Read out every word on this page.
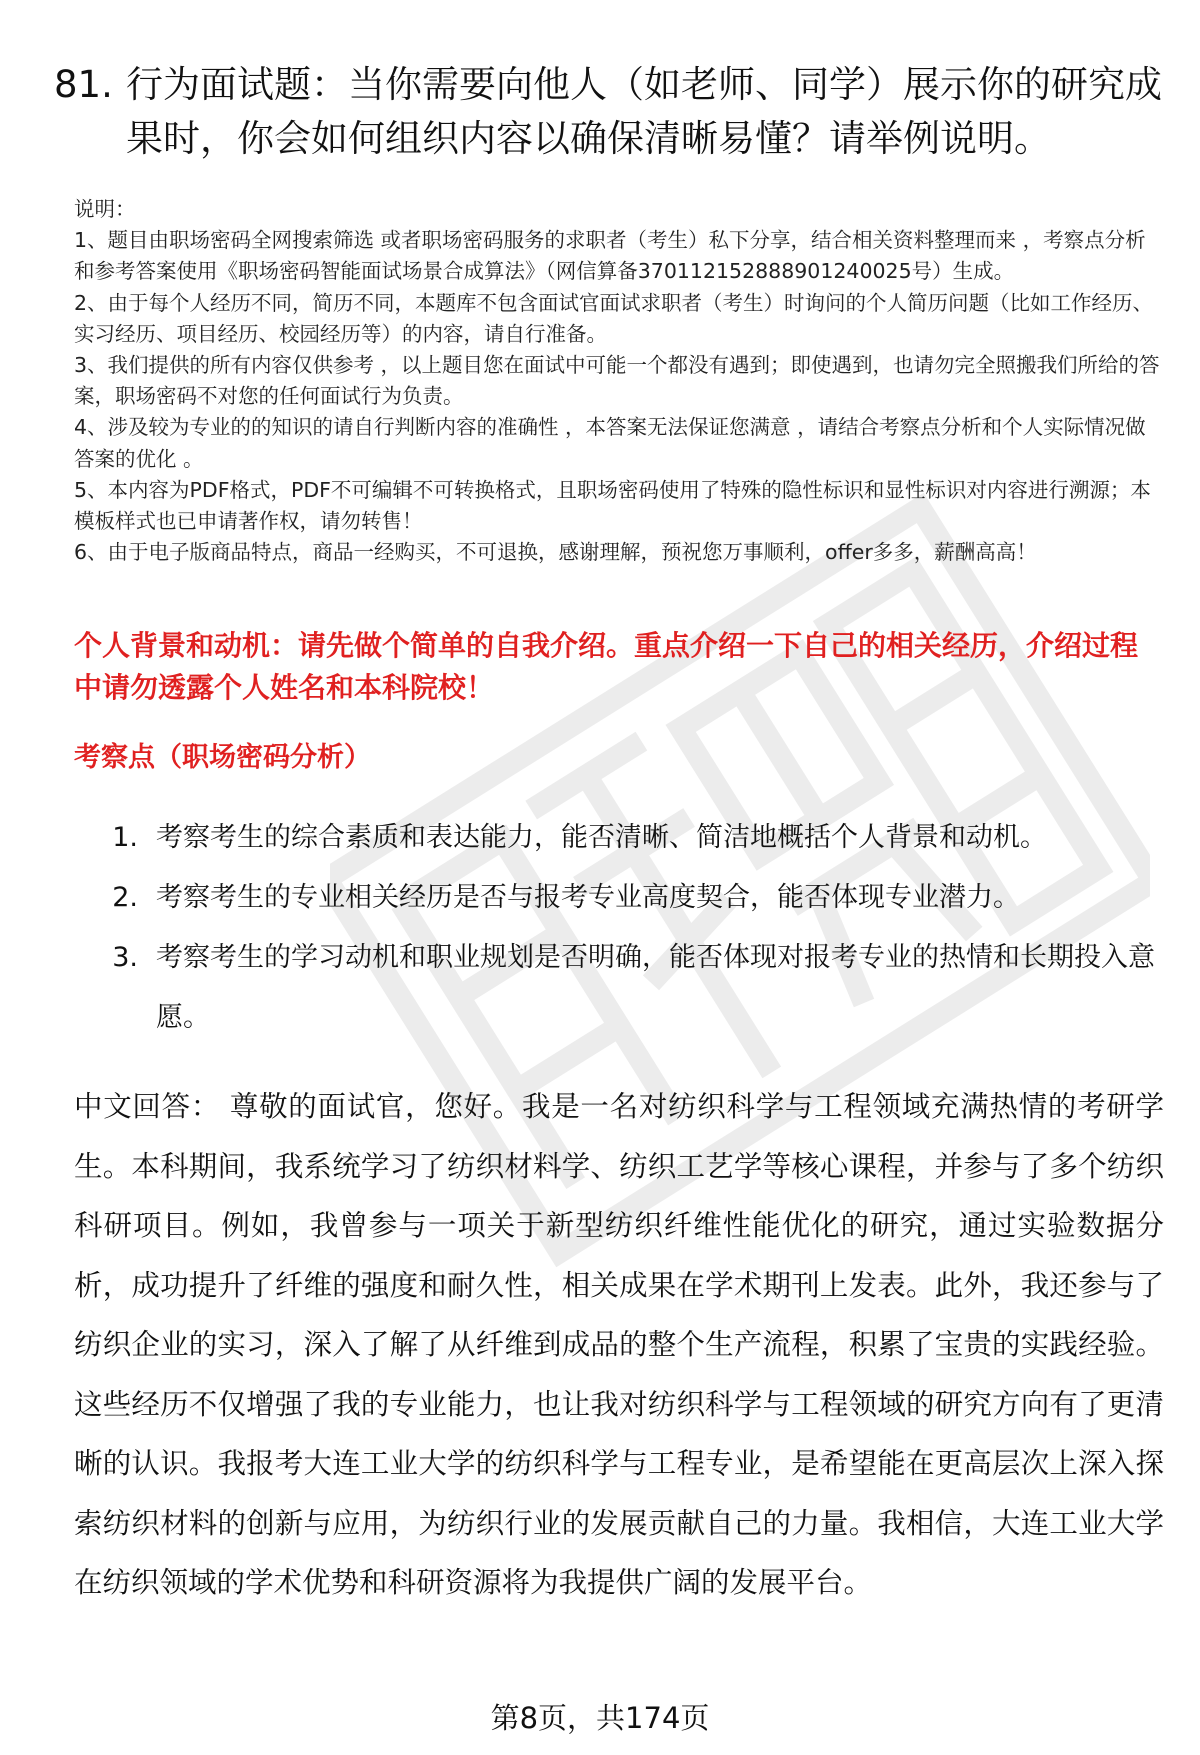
81. 行为面试题：当你需要向他人（如老师、同学）展示你的研究成果时，你会如何组织内容以确保清晰易懂？请举例说明。

说明：

1、题目由职场密码全网搜索筛选 或者职场密码服务的求职者（考生）私下分享，结合相关资料整理而来 ，考察点分析和参考答案使用《职场密码智能面试场景合成算法》（网信算备370112152888901240025号）生成。

2、由于每个人经历不同，简历不同，本题库不包含面试官面试求职者（考生）时询问的个人简历问题（比如工作经历、实习经历、项目经历、校园经历等）的内容，请自行准备。

3、我们提供的所有内容仅供参考 ，以上题目您在面试中可能一个都没有遇到；即使遇到，也请勿完全照搬我们所给的答案，职场密码不对您的任何面试行为负责。

4、涉及较为专业的的知识的请自行判断内容的准确性 ，本答案无法保证您满意 ，请结合考察点分析和个人实际情况做答案的优化 。

5、本内容为PDF格式，PDF不可编辑不可转换格式，且职场密码使用了特殊的隐性标识和显性标识对内容进行溯源；本模板样式也已申请著作权，请勿转售！

6、由于电子版商品特点，商品一经购买，不可退换，感谢理解，预祝您万事顺利，offer多多，薪酬高高！

个人背景和动机：请先做个简单的自我介绍。重点介绍一下自己的相关经历，介绍过程中请勿透露个人姓名和本科院校！
考察点（职场密码分析）
1. 考察考生的综合素质和表达能力，能否清晰、简洁地概括个人背景和动机。
2. 考察考生的专业相关经历是否与报考专业高度契合，能否体现专业潜力。
3. 考察考生的学习动机和职业规划是否明确，能否体现对报考专业的热情和长期投入意愿。
中文回答： 尊敬的面试官，您好。我是一名对纺织科学与工程领域充满热情的考研学生。本科期间，我系统学习了纺织材料学、纺织工艺学等核心课程，并参与了多个纺织科研项目。例如，我曾参与一项关于新型纺织纤维性能优化的研究，通过实验数据分析，成功提升了纤维的强度和耐久性，相关成果在学术期刊上发表。此外，我还参与了纺织企业的实习，深入了解了从纤维到成品的整个生产流程，积累了宝贵的实践经验。这些经历不仅增强了我的专业能力，也让我对纺织科学与工程领域的研究方向有了更清晰的认识。我报考大连工业大学的纺织科学与工程专业，是希望能在更高层次上深入探索纺织材料的创新与应用，为纺织行业的发展贡献自己的力量。我相信，大连工业大学在纺织领域的学术优势和科研资源将为我提供广阔的发展平台。
第8页，共174页
